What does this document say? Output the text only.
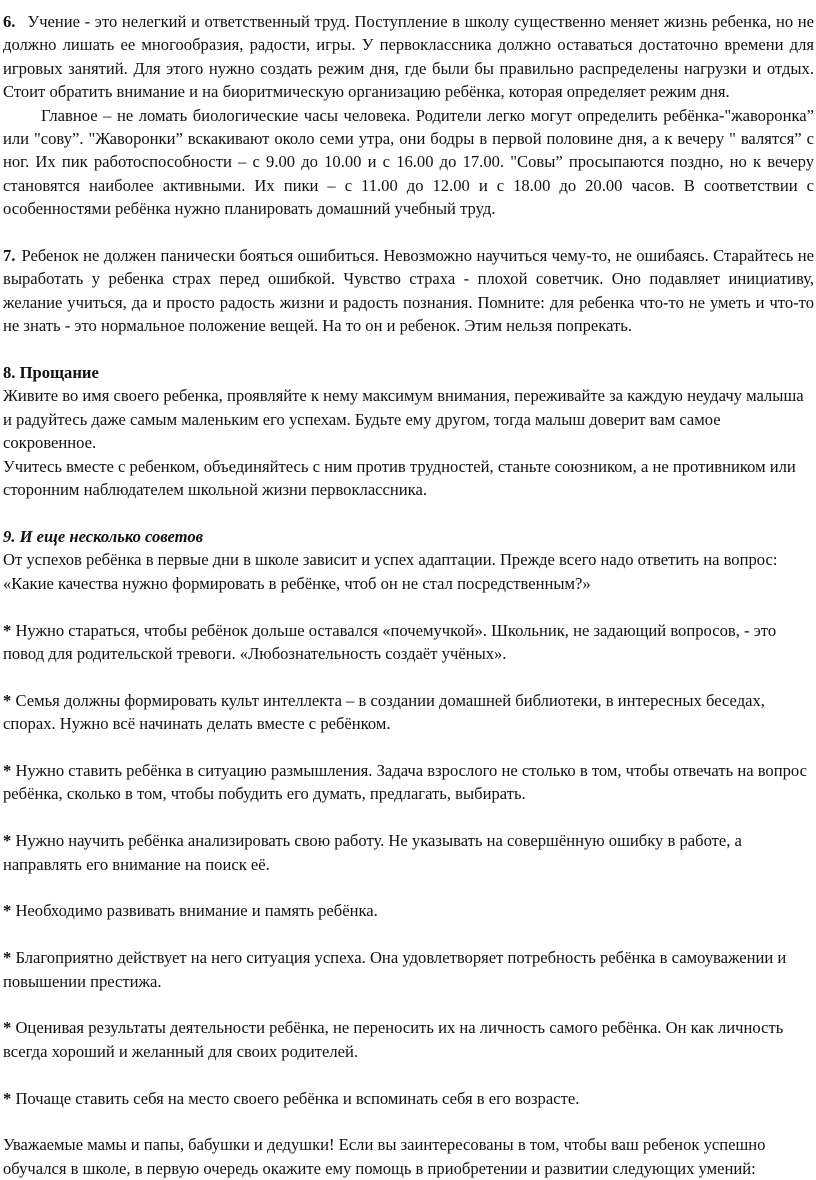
6. Учение - это нелегкий и ответственный труд. Поступление в школу существенно меняет жизнь ребенка, но не должно лишать ее многообразия, радости, игры. У первоклассника должно оставаться достаточно времени для игровых занятий. Для этого нужно создать режим дня, где были бы правильно распределены нагрузки и отдых. Стоит обратить внимание и на биоритмическую организацию ребёнка, которая определяет режим дня.

Главное – не ломать биологические часы человека. Родители легко могут определить ребёнка-"жаворонка” или "сову”. "Жаворонки” вскакивают около семи утра, они бодры в первой половине дня, а к вечеру " валятся” с ног. Их пик работоспособности – с 9.00 до 10.00 и с 16.00 до 17.00. "Совы” просыпаются поздно, но к вечеру становятся наиболее активными. Их пики – с 11.00 до 12.00 и с 18.00 до 20.00 часов. В соответствии с особенностями ребёнка нужно планировать домашний учебный труд.

7. Ребенок не должен панически бояться ошибиться. Невозможно научиться чему-то, не ошибаясь. Старайтесь не выработать у ребенка страх перед ошибкой. Чувство страха - плохой советчик. Оно подавляет инициативу, желание учиться, да и просто радость жизни и радость познания. Помните: для ребенка что-то не уметь и что-то не знать - это нормальное положение вещей. На то он и ребенок. Этим нельзя попрекать.

8. Прощание

Живите во имя своего ребенка, проявляйте к нему максимум внимания, переживайте за каждую неудачу малыша и радуйтесь даже самым маленьким его успехам. Будьте ему другом, тогда малыш доверит вам самое сокровенное.

Учитесь вместе с ребенком, объединяйтесь с ним против трудностей, станьте союзником, а не противником или сторонним наблюдателем школьной жизни первоклассника.

9. И еще несколько советов

От успехов ребёнка в первые дни в школе зависит и успех адаптации. Прежде всего надо ответить на вопрос: «Какие качества нужно формировать в ребёнке, чтоб он не стал посредственным?»

* Нужно стараться, чтобы ребёнок дольше оставался «почемучкой». Школьник, не задающий вопросов, - это повод для родительской тревоги. «Любознательность создаёт учёных».

* Семья должны формировать культ интеллекта – в создании домашней библиотеки, в интересных беседах, спорах. Нужно всё начинать делать вместе с ребёнком.

* Нужно ставить ребёнка в ситуацию размышления. Задача взрослого не столько в том, чтобы отвечать на вопрос ребёнка, сколько в том, чтобы побудить его думать, предлагать, выбирать.

* Нужно научить ребёнка анализировать свою работу. Не указывать на совершённую ошибку в работе, а направлять его внимание на поиск её.

* Необходимо развивать внимание и память ребёнка.

* Благоприятно действует на него ситуация успеха. Она удовлетворяет потребность ребёнка в самоуважении и повышении престижа.

* Оценивая результаты деятельности ребёнка, не переносить их на личность самого ребёнка. Он как личность всегда хороший и желанный для своих родителей.

* Почаще ставить себя на место своего ребёнка и вспоминать себя в его возрасте.

Уважаемые мамы и папы, бабушки и дедушки! Если вы заинтересованы в том, чтобы ваш ребенок успешно обучался в школе, в первую очередь окажите ему помощь в приобретении и развитии следующих умений:
